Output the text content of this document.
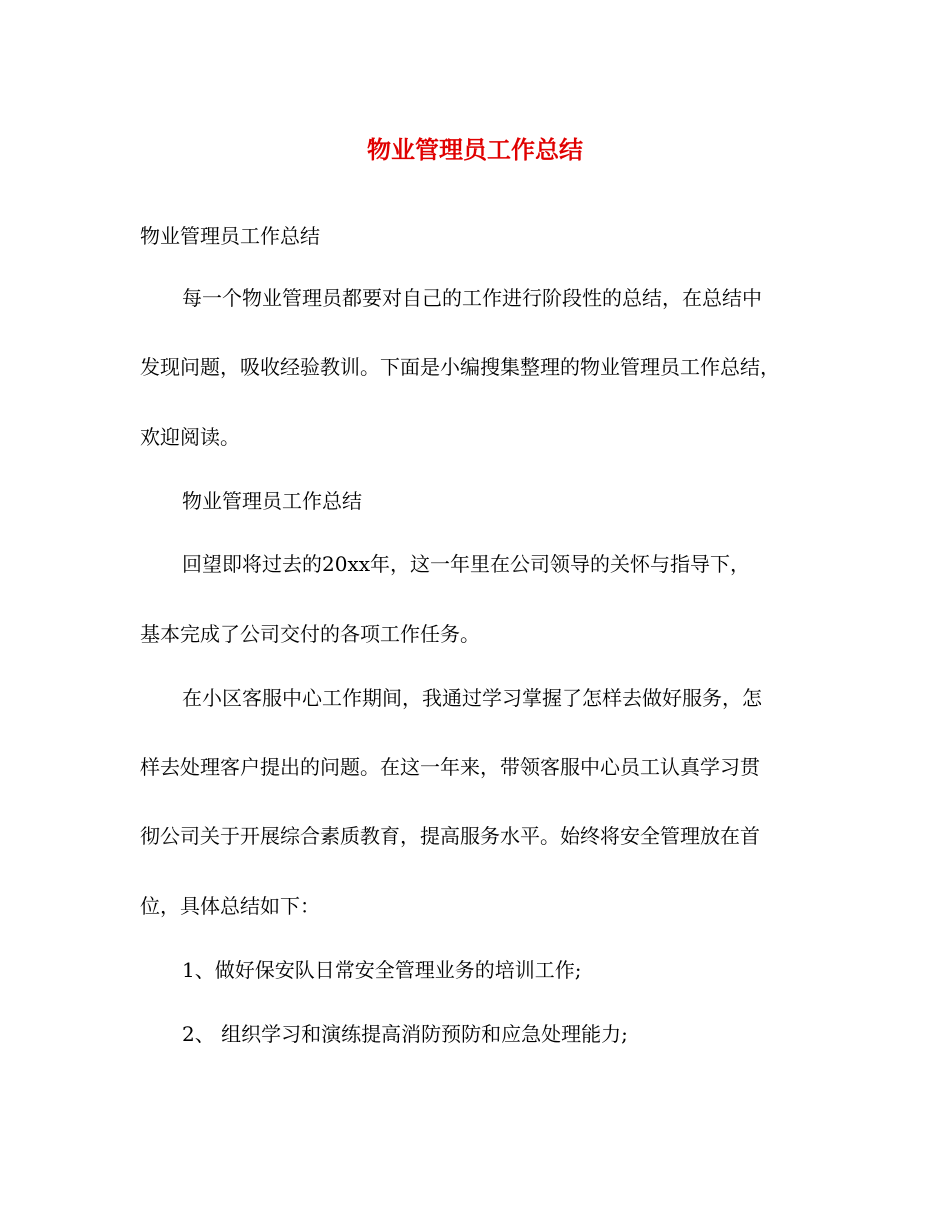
物业管理员工作总结

物业管理员工作总结

每一个物业管理员都要对自己的工作进行阶段性的总结，在总结中

发现问题，吸收经验教训。下面是小编搜集整理的物业管理员工作总结，

欢迎阅读。

物业管理员工作总结

回望即将过去的20xx年，这一年里在公司领导的关怀与指导下，

基本完成了公司交付的各项工作任务。

在小区客服中心工作期间，我通过学习掌握了怎样去做好服务，怎

样去处理客户提出的问题。在这一年来，带领客服中心员工认真学习贯

彻公司关于开展综合素质教育，提高服务水平。始终将安全管理放在首

位，具体总结如下：

1、做好保安队日常安全管理业务的培训工作;

2、 组织学习和演练提高消防预防和应急处理能力;
